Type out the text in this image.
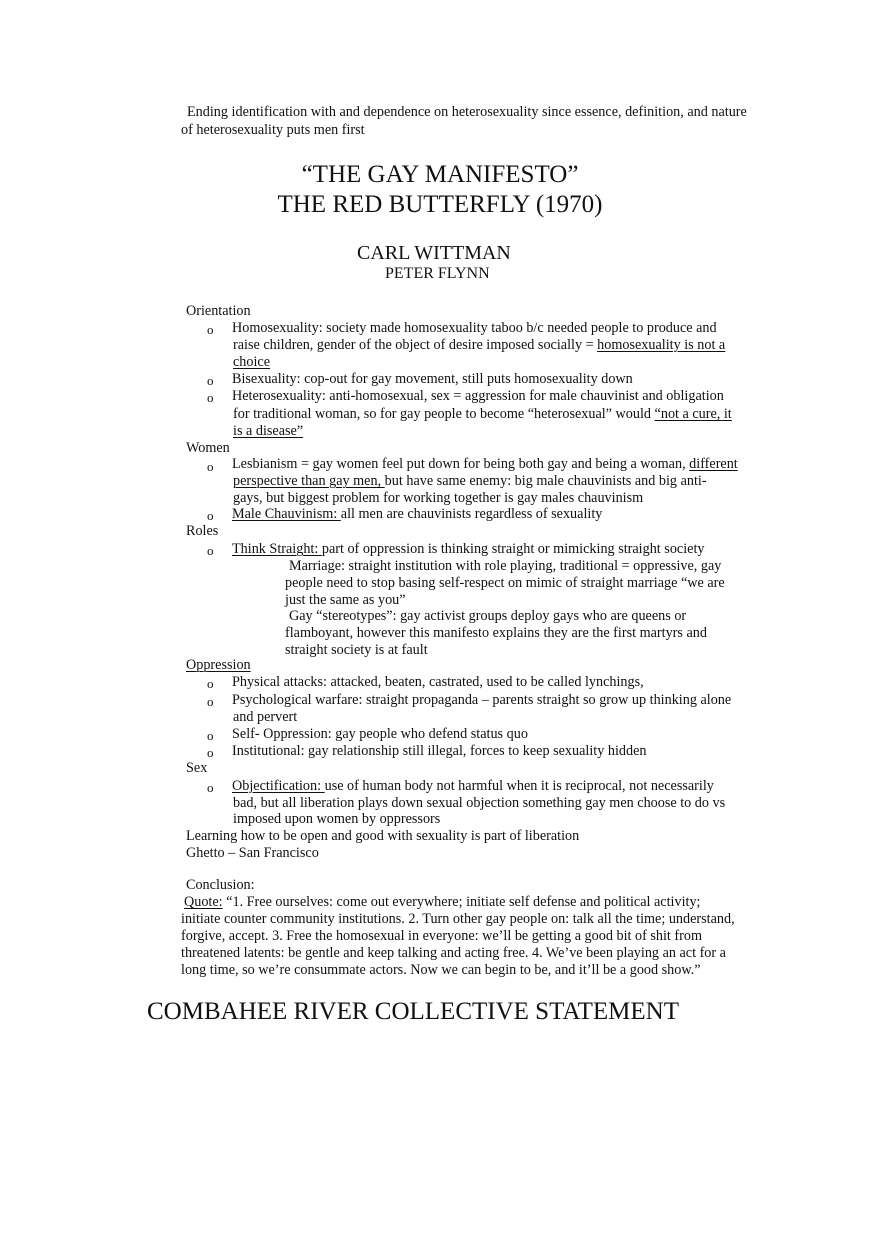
Ending identification with and dependence on heterosexuality since essence, definition, and nature
of heterosexuality puts men first
“THE GAY MANIFESTO”
THE RED BUTTERFLY (1970)
CARL WITTMAN
PETER FLYNN
Orientation
o Homosexuality: society made homosexuality taboo b/c needed people to produce and
raise children, gender of the object of desire imposed socially = homosexuality is not a
choice
o Bisexuality: cop-out for gay movement, still puts homosexuality down
o Heterosexuality: anti-homosexual, sex = aggression for male chauvinist and obligation
for traditional woman, so for gay people to become “heterosexual” would “not a cure, it
is a disease”
Women
o Lesbianism = gay women feel put down for being both gay and being a woman, different
perspective than gay men, but have same enemy: big male chauvinists and big anti-
gays, but biggest problem for working together is gay males chauvinism
o Male Chauvinism: all men are chauvinists regardless of sexuality
Roles
o Think Straight: part of oppression is thinking straight or mimicking straight society
Marriage: straight institution with role playing, traditional = oppressive, gay
people need to stop basing self-respect on mimic of straight marriage “we are
just the same as you”
Gay “stereotypes”: gay activist groups deploy gays who are queens or
flamboyant, however this manifesto explains they are the first martyrs and
straight society is at fault
Oppression
o Physical attacks: attacked, beaten, castrated, used to be called lynchings,
o Psychological warfare: straight propaganda – parents straight so grow up thinking alone
and pervert
o Self- Oppression: gay people who defend status quo
o Institutional: gay relationship still illegal, forces to keep sexuality hidden
Sex
o Objectification: use of human body not harmful when it is reciprocal, not necessarily
bad, but all liberation plays down sexual objection something gay men choose to do vs
imposed upon women by oppressors
Learning how to be open and good with sexuality is part of liberation
Ghetto – San Francisco
Conclusion:
Quote: “1. Free ourselves: come out everywhere; initiate self defense and political activity;
initiate counter community institutions. 2. Turn other gay people on: talk all the time; understand,
forgive, accept. 3. Free the homosexual in everyone: we’ll be getting a good bit of shit from
threatened latents: be gentle and keep talking and acting free. 4. We’ve been playing an act for a
long time, so we’re consummate actors. Now we can begin to be, and it’ll be a good show.”
COMBAHEE RIVER COLLECTIVE STATEMENT
